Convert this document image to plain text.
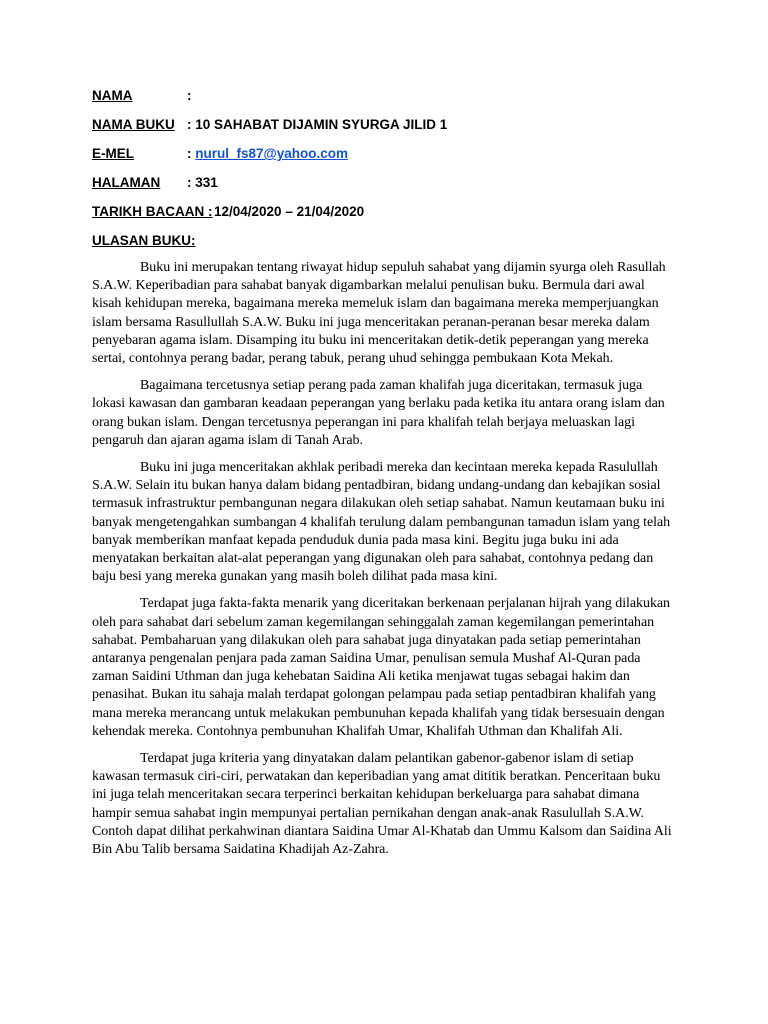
NAMA	:
NAMA BUKU : 10 SAHABAT DIJAMIN SYURGA JILID 1
E-MEL	: nurul_fs87@yahoo.com
HALAMAN : 331
TARIKH BACAAN : 12/04/2020 – 21/04/2020
ULASAN BUKU:

Buku ini merupakan tentang riwayat hidup sepuluh sahabat yang dijamin syurga oleh Rasullah S.A.W. Keperibadian para sahabat banyak digambarkan melalui penulisan buku. Bermula dari awal kisah kehidupan mereka, bagaimana mereka memeluk islam dan bagaimana mereka memperjuangkan islam bersama Rasullullah S.A.W. Buku ini juga menceritakan peranan-peranan besar mereka dalam penyebaran agama islam. Disamping itu buku ini menceritakan detik-detik peperangan yang mereka sertai, contohnya perang badar, perang tabuk, perang uhud sehingga pembukaan Kota Mekah.

Bagaimana tercetusnya setiap perang pada zaman khalifah juga diceritakan, termasuk juga lokasi kawasan dan gambaran keadaan peperangan yang berlaku pada ketika itu antara orang islam dan orang bukan islam. Dengan tercetusnya peperangan ini para khalifah telah berjaya meluaskan lagi pengaruh dan ajaran agama islam di Tanah Arab.

Buku ini juga menceritakan akhlak peribadi mereka dan kecintaan mereka kepada Rasulullah S.A.W. Selain itu bukan hanya dalam bidang pentadbiran, bidang undang-undang dan kebajikan sosial termasuk infrastruktur pembangunan negara dilakukan oleh setiap sahabat. Namun keutamaan buku ini banyak mengetengahkan sumbangan 4 khalifah terulung dalam pembangunan tamadun islam yang telah banyak memberikan manfaat kepada penduduk dunia pada masa kini. Begitu juga buku ini ada menyatakan berkaitan alat-alat peperangan yang digunakan oleh para sahabat, contohnya pedang dan baju besi yang mereka gunakan yang masih boleh dilihat pada masa kini.

Terdapat juga fakta-fakta menarik yang diceritakan berkenaan perjalanan hijrah yang dilakukan oleh para sahabat dari sebelum zaman kegemilangan sehinggalah zaman kegemilangan pemerintahan sahabat. Pembaharuan yang dilakukan oleh para sahabat juga dinyatakan pada setiap pemerintahan antaranya pengenalan penjara pada zaman Saidina Umar, penulisan semula Mushaf Al-Quran pada zaman Saidini Uthman dan juga kehebatan Saidina Ali ketika menjawat tugas sebagai hakim dan penasihat. Bukan itu sahaja malah terdapat golongan pelampau pada setiap pentadbiran khalifah yang mana mereka merancang untuk melakukan pembunuhan kepada khalifah yang tidak bersesuain dengan kehendak mereka. Contohnya pembunuhan Khalifah Umar, Khalifah Uthman dan Khalifah Ali.

Terdapat juga kriteria yang dinyatakan dalam pelantikan gabenor-gabenor islam di setiap kawasan termasuk ciri-ciri, perwatakan dan keperibadian yang amat dititik beratkan. Penceritaan buku ini juga telah menceritakan secara terperinci berkaitan kehidupan berkeluarga para sahabat dimana hampir semua sahabat ingin mempunyai pertalian pernikahan dengan anak-anak Rasulullah S.A.W. Contoh dapat dilihat perkahwinan diantara Saidina Umar Al-Khatab dan Ummu Kalsom dan Saidina Ali Bin Abu Talib bersama Saidatina Khadijah Az-Zahra.
